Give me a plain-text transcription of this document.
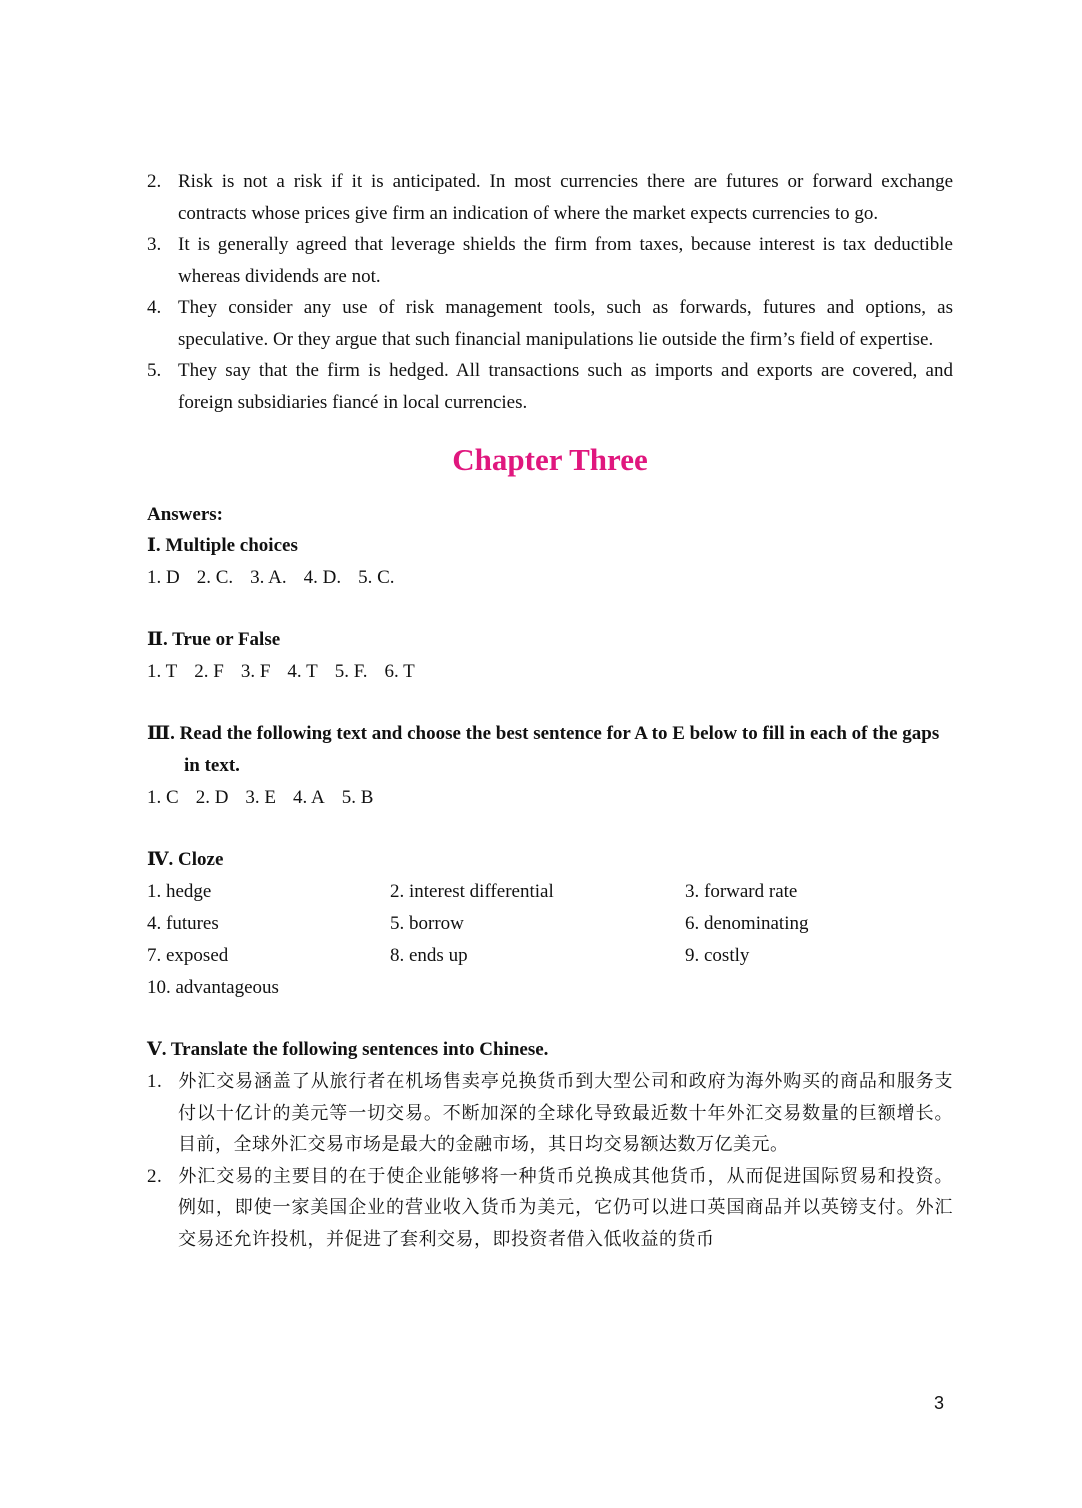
2. Risk is not a risk if it is anticipated. In most currencies there are futures or forward exchange contracts whose prices give firm an indication of where the market expects currencies to go.

3. It is generally agreed that leverage shields the firm from taxes, because interest is tax deductible whereas dividends are not.

4. They consider any use of risk management tools, such as forwards, futures and options, as speculative. Or they argue that such financial manipulations lie outside the firm’s field of expertise.

5. They say that the firm is hedged. All transactions such as imports and exports are covered, and foreign subsidiaries fiancé in local currencies.

Chapter Three

Answers:

Ⅰ. Multiple choices

1. D 2. C. 3. A. 4. D. 5. C.

Ⅱ. True or False

1. T 2. F 3. F 4. T 5. F. 6. T

Ⅲ. Read the following text and choose the best sentence for A to E below to fill in each of the gaps in text.

1. C 2. D 3. E 4. A 5. B

Ⅳ. Cloze

1. hedge	2. interest differential	3. forward rate
4. futures	5. borrow	6. denominating
7. exposed	8. ends up	9. costly
10. advantageous

Ⅴ. Translate the following sentences into Chinese.

1. 外汇交易涵盖了从旅行者在机场售卖亭兑换货币到大型公司和政府为海外购买的商品和服务支付以十亿计的美元等一切交易。不断加深的全球化导致最近数十年外汇交易数量的巨额增长。目前，全球外汇交易市场是最大的金融市场，其日均交易额达数万亿美元。

2. 外汇交易的主要目的在于使企业能够将一种货币兑换成其他货币，从而促进国际贸易和投资。例如，即使一家美国企业的营业收入货币为美元，它仍可以进口英国商品并以英镑支付。外汇交易还允许投机，并促进了套利交易，即投资者借入低收益的货币

3
